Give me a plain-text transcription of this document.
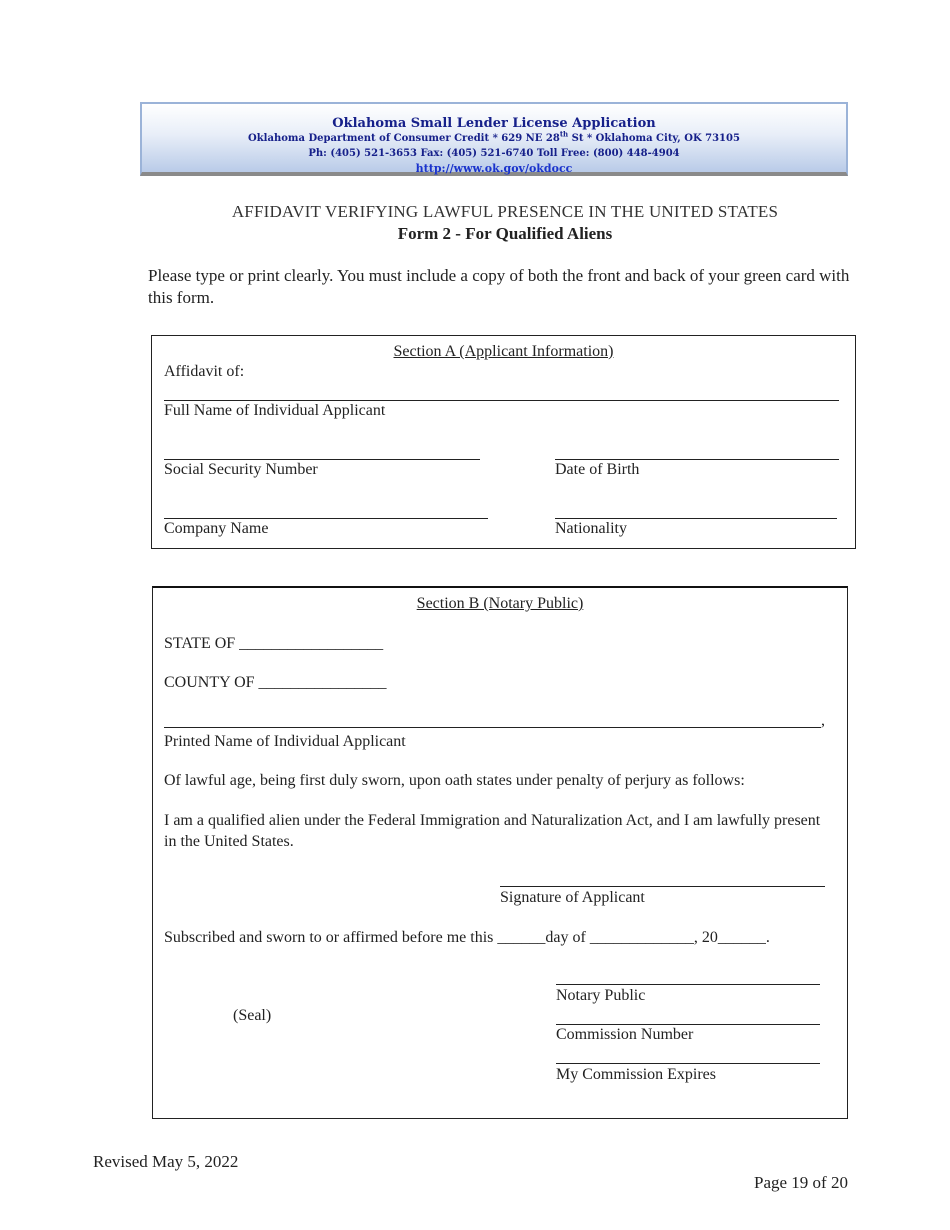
Oklahoma Small Lender License Application
Oklahoma Department of Consumer Credit * 629 NE 28th St * Oklahoma City, OK 73105
Ph: (405) 521-3653 Fax: (405) 521-6740 Toll Free: (800) 448-4904
http://www.ok.gov/okdocc
AFFIDAVIT VERIFYING LAWFUL PRESENCE IN THE UNITED STATES
Form 2 - For Qualified Aliens
Please type or print clearly. You must include a copy of both the front and back of your green card with this form.
Section A (Applicant Information)
Affidavit of:
Full Name of Individual Applicant
Social Security Number	Date of Birth
Company Name	Nationality
Section B (Notary Public)
STATE OF __________________
COUNTY OF ________________
,
Printed Name of Individual Applicant
Of lawful age, being first duly sworn, upon oath states under penalty of perjury as follows:
I am a qualified alien under the Federal Immigration and Naturalization Act, and I am lawfully present in the United States.
Signature of Applicant
Subscribed and sworn to or affirmed before me this ______day of _____________, 20______.
Notary Public
(Seal)
Commission Number
My Commission Expires
Revised May 5, 2022
Page 19 of 20
